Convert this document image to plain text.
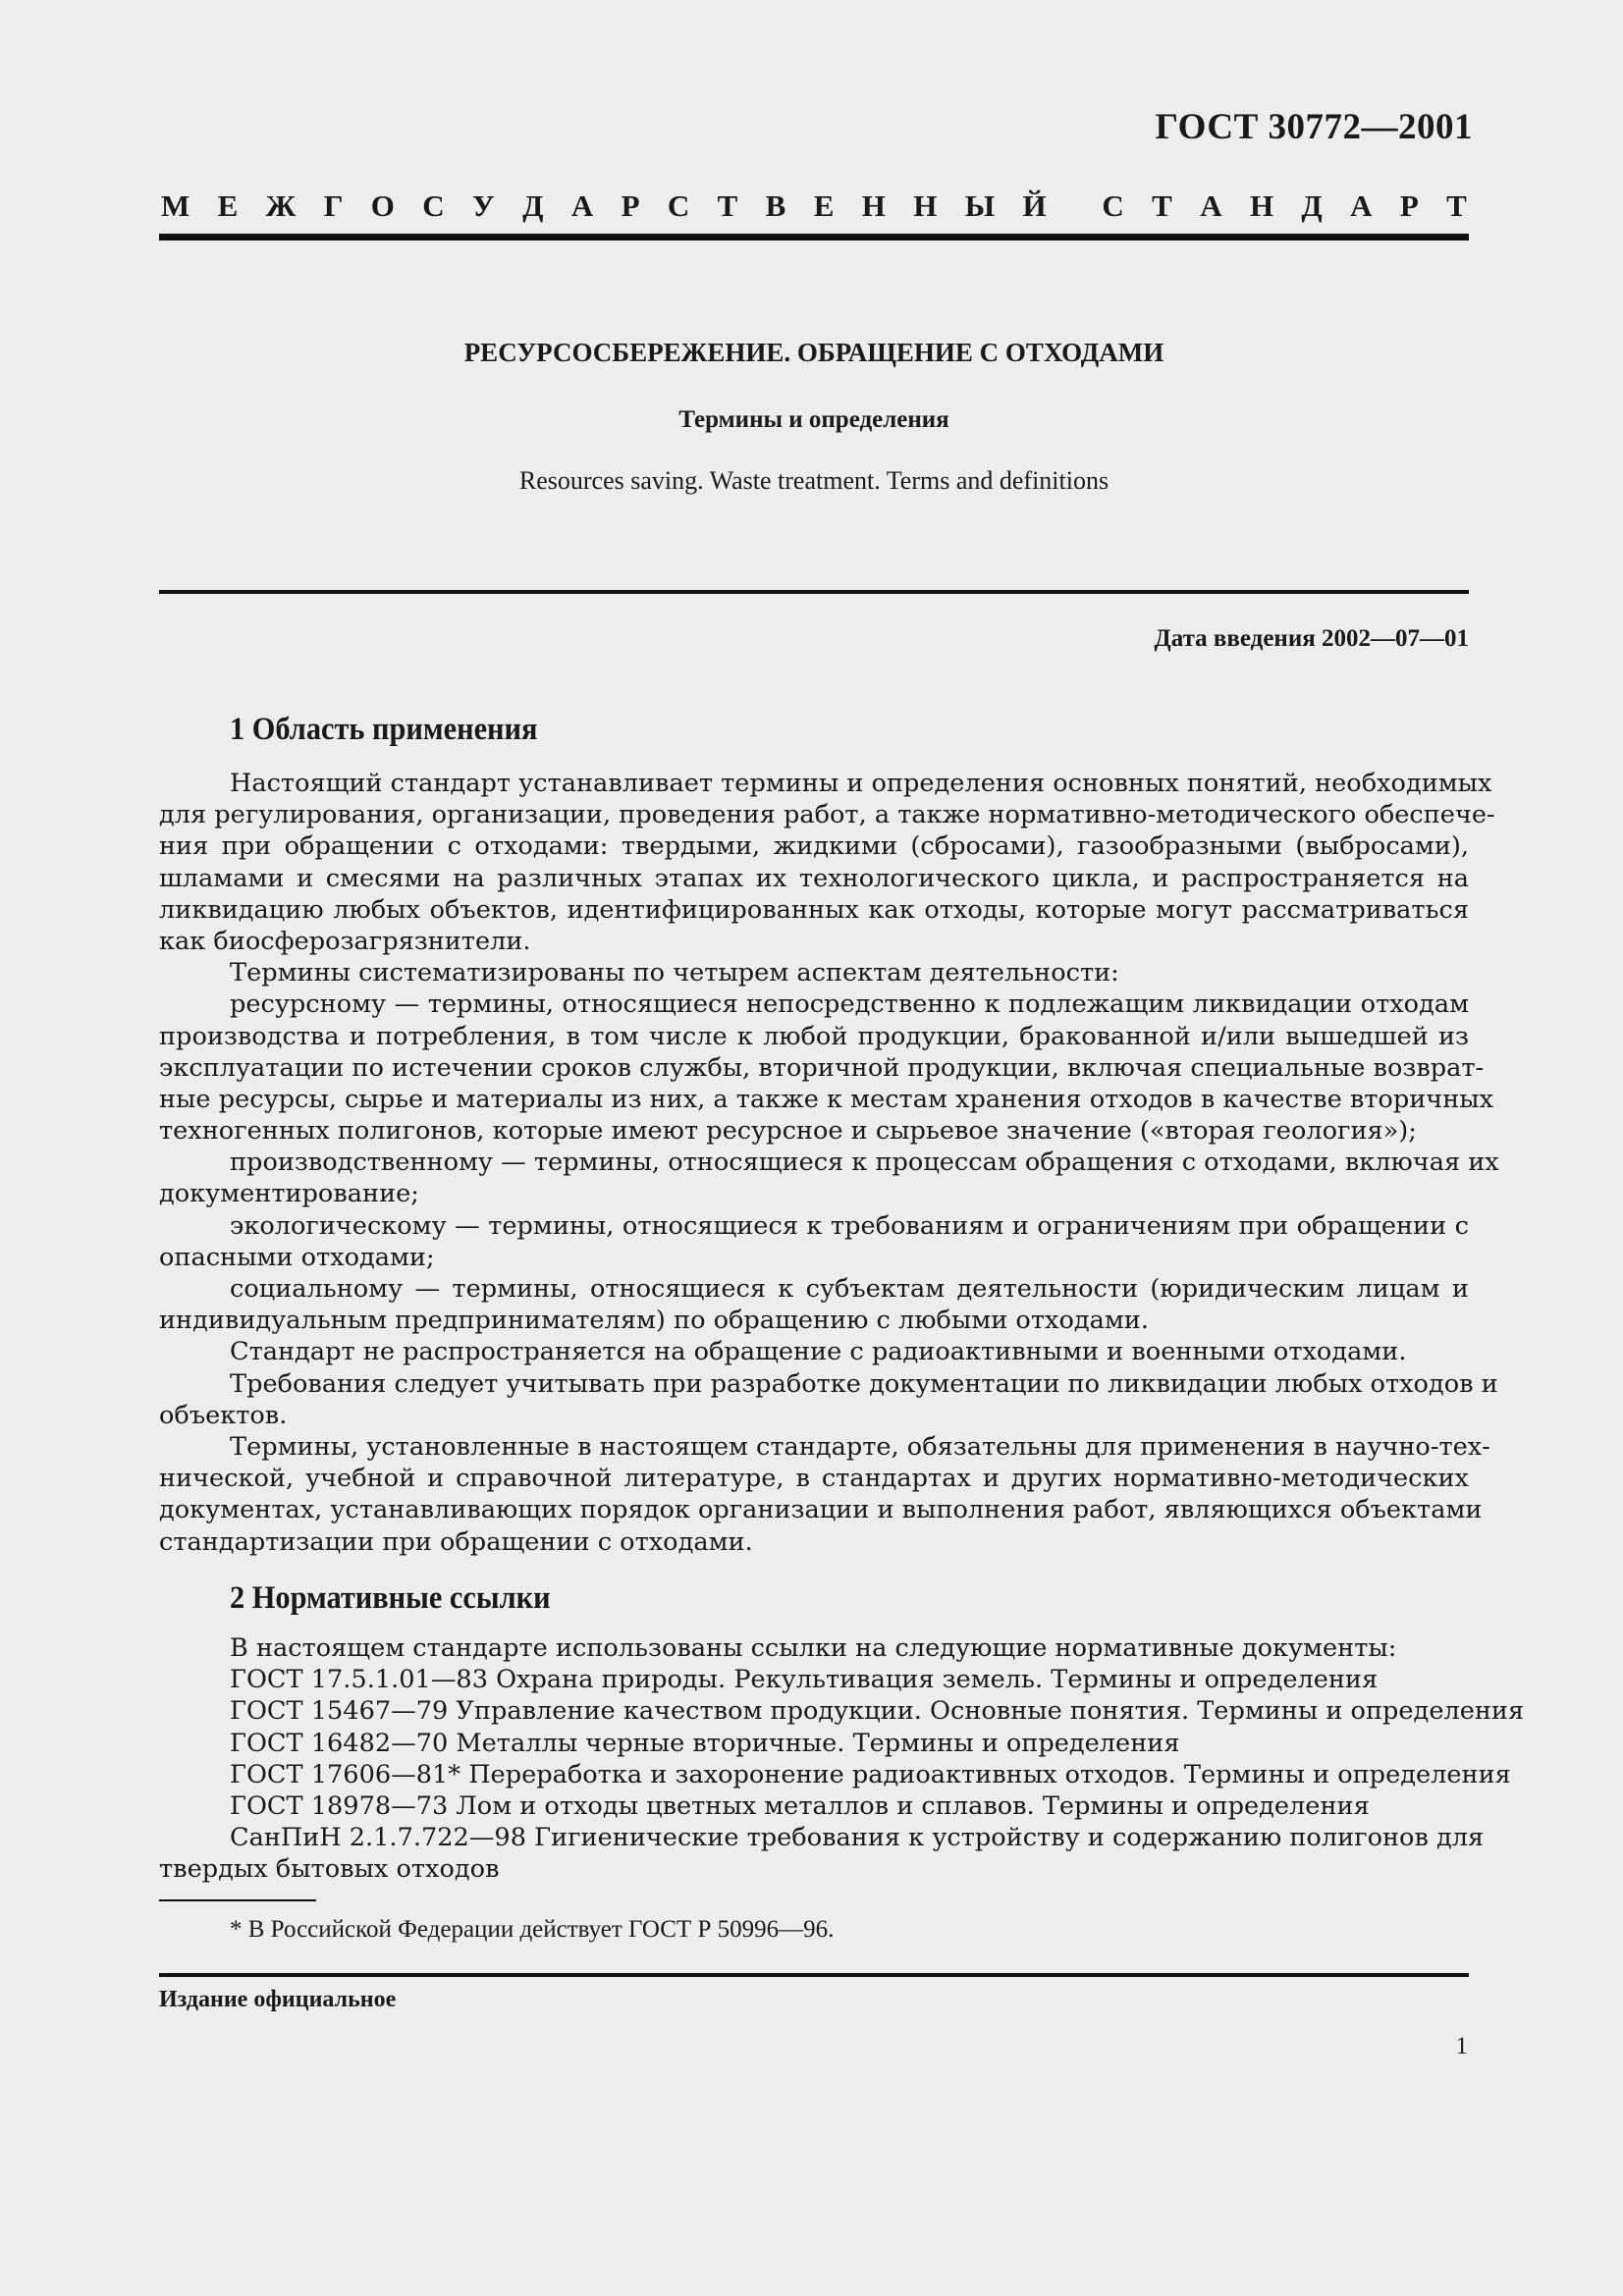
ГОСТ 30772—2001
М Е Ж Г О С У Д А Р С Т В Е Н Н Ы Й С Т А Н Д А Р Т
РЕСУРСОСБЕРЕЖЕНИЕ. ОБРАЩЕНИЕ С ОТХОДАМИ
Термины и определения
Resources saving. Waste treatment. Terms and definitions
Дата введения 2002—07—01
1 Область применения
Настоящий стандарт устанавливает термины и определения основных понятий, необходимых
для регулирования, организации, проведения работ, а также нормативно-методического обеспече-
ния при обращении с отходами: твердыми, жидкими (сбросами), газообразными (выбросами),
шламами и смесями на различных этапах их технологического цикла, и распространяется на
ликвидацию любых объектов, идентифицированных как отходы, которые могут рассматриваться
как биосферозагрязнители.
Термины систематизированы по четырем аспектам деятельности:
ресурсному — термины, относящиеся непосредственно к подлежащим ликвидации отходам
производства и потребления, в том числе к любой продукции, бракованной и/или вышедшей из
эксплуатации по истечении сроков службы, вторичной продукции, включая специальные возврат-
ные ресурсы, сырье и материалы из них, а также к местам хранения отходов в качестве вторичных
техногенных полигонов, которые имеют ресурсное и сырьевое значение («вторая геология»);
производственному — термины, относящиеся к процессам обращения с отходами, включая их
документирование;
экологическому — термины, относящиеся к требованиям и ограничениям при обращении с
опасными отходами;
социальному — термины, относящиеся к субъектам деятельности (юридическим лицам и
индивидуальным предпринимателям) по обращению с любыми отходами.
Стандарт не распространяется на обращение с радиоактивными и военными отходами.
Требования следует учитывать при разработке документации по ликвидации любых отходов и
объектов.
Термины, установленные в настоящем стандарте, обязательны для применения в научно-тех-
нической, учебной и справочной литературе, в стандартах и других нормативно-методических
документах, устанавливающих порядок организации и выполнения работ, являющихся объектами
стандартизации при обращении с отходами.
2 Нормативные ссылки
В настоящем стандарте использованы ссылки на следующие нормативные документы:
ГОСТ 17.5.1.01—83 Охрана природы. Рекультивация земель. Термины и определения
ГОСТ 15467—79 Управление качеством продукции. Основные понятия. Термины и определения
ГОСТ 16482—70 Металлы черные вторичные. Термины и определения
ГОСТ 17606—81* Переработка и захоронение радиоактивных отходов. Термины и определения
ГОСТ 18978—73 Лом и отходы цветных металлов и сплавов. Термины и определения
СанПиН 2.1.7.722—98 Гигиенические требования к устройству и содержанию полигонов для
твердых бытовых отходов
* В Российской Федерации действует ГОСТ Р 50996—96.
Издание официальное
1
